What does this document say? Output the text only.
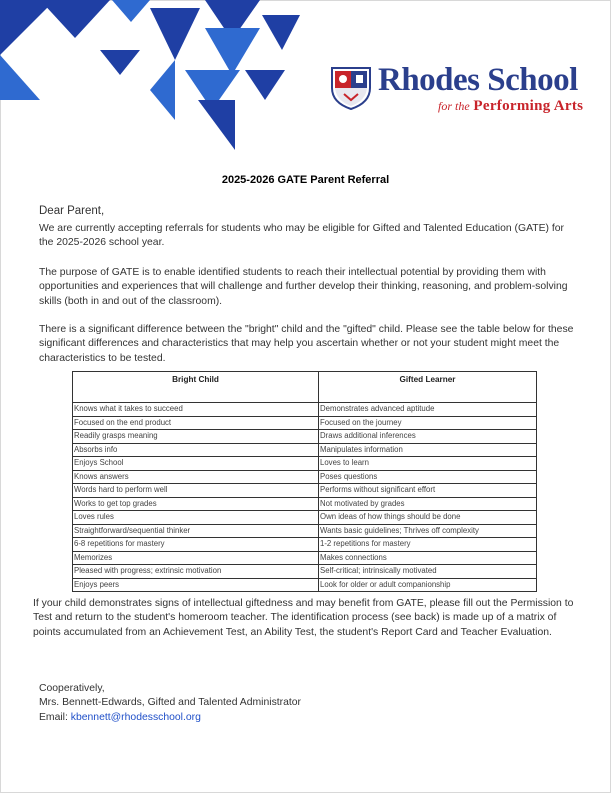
Rhodes School
for the Performing Arts
2025-2026 GATE Parent Referral
Dear Parent,
We are currently accepting referrals for students who may be eligible for Gifted and Talented Education (GATE) for the 2025-2026 school year.
The purpose of GATE is to enable identified students to reach their intellectual potential by providing them with opportunities and experiences that will challenge and further develop their thinking, reasoning, and problem-solving skills (both in and out of the classroom).
There is a significant difference between the "bright" child and the "gifted" child. Please see the table below for these significant differences and characteristics that may help you ascertain whether or not your student might meet the characteristics to be tested.
Bright Child	Gifted Learner
Knows what it takes to succeed	Demonstrates advanced aptitude
Focused on the end product	Focused on the journey
Readily grasps meaning	Draws additional inferences
Absorbs info	Manipulates information
Enjoys School	Loves to learn
Knows answers	Poses questions
Words hard to perform well	Performs without significant effort
Works to get top grades	Not motivated by grades
Loves rules	Own ideas of how things should be done
Straightforward/sequential thinker	Wants basic guidelines; Thrives off complexity
6-8 repetitions for mastery	1-2 repetitions for mastery
Memorizes	Makes connections
Pleased with progress; extrinsic motivation	Self-critical; intrinsically motivated
Enjoys peers	Look for older or adult companionship
If your child demonstrates signs of intellectual giftedness and may benefit from GATE, please fill out the Permission to Test and return to the student's homeroom teacher. The identification process (see back) is made up of a matrix of points accumulated from an Achievement Test, an Ability Test, the student's Report Card and Teacher Evaluation.
Cooperatively,
Mrs. Bennett-Edwards, Gifted and Talented Administrator
Email: kbennett@rhodesschool.org
